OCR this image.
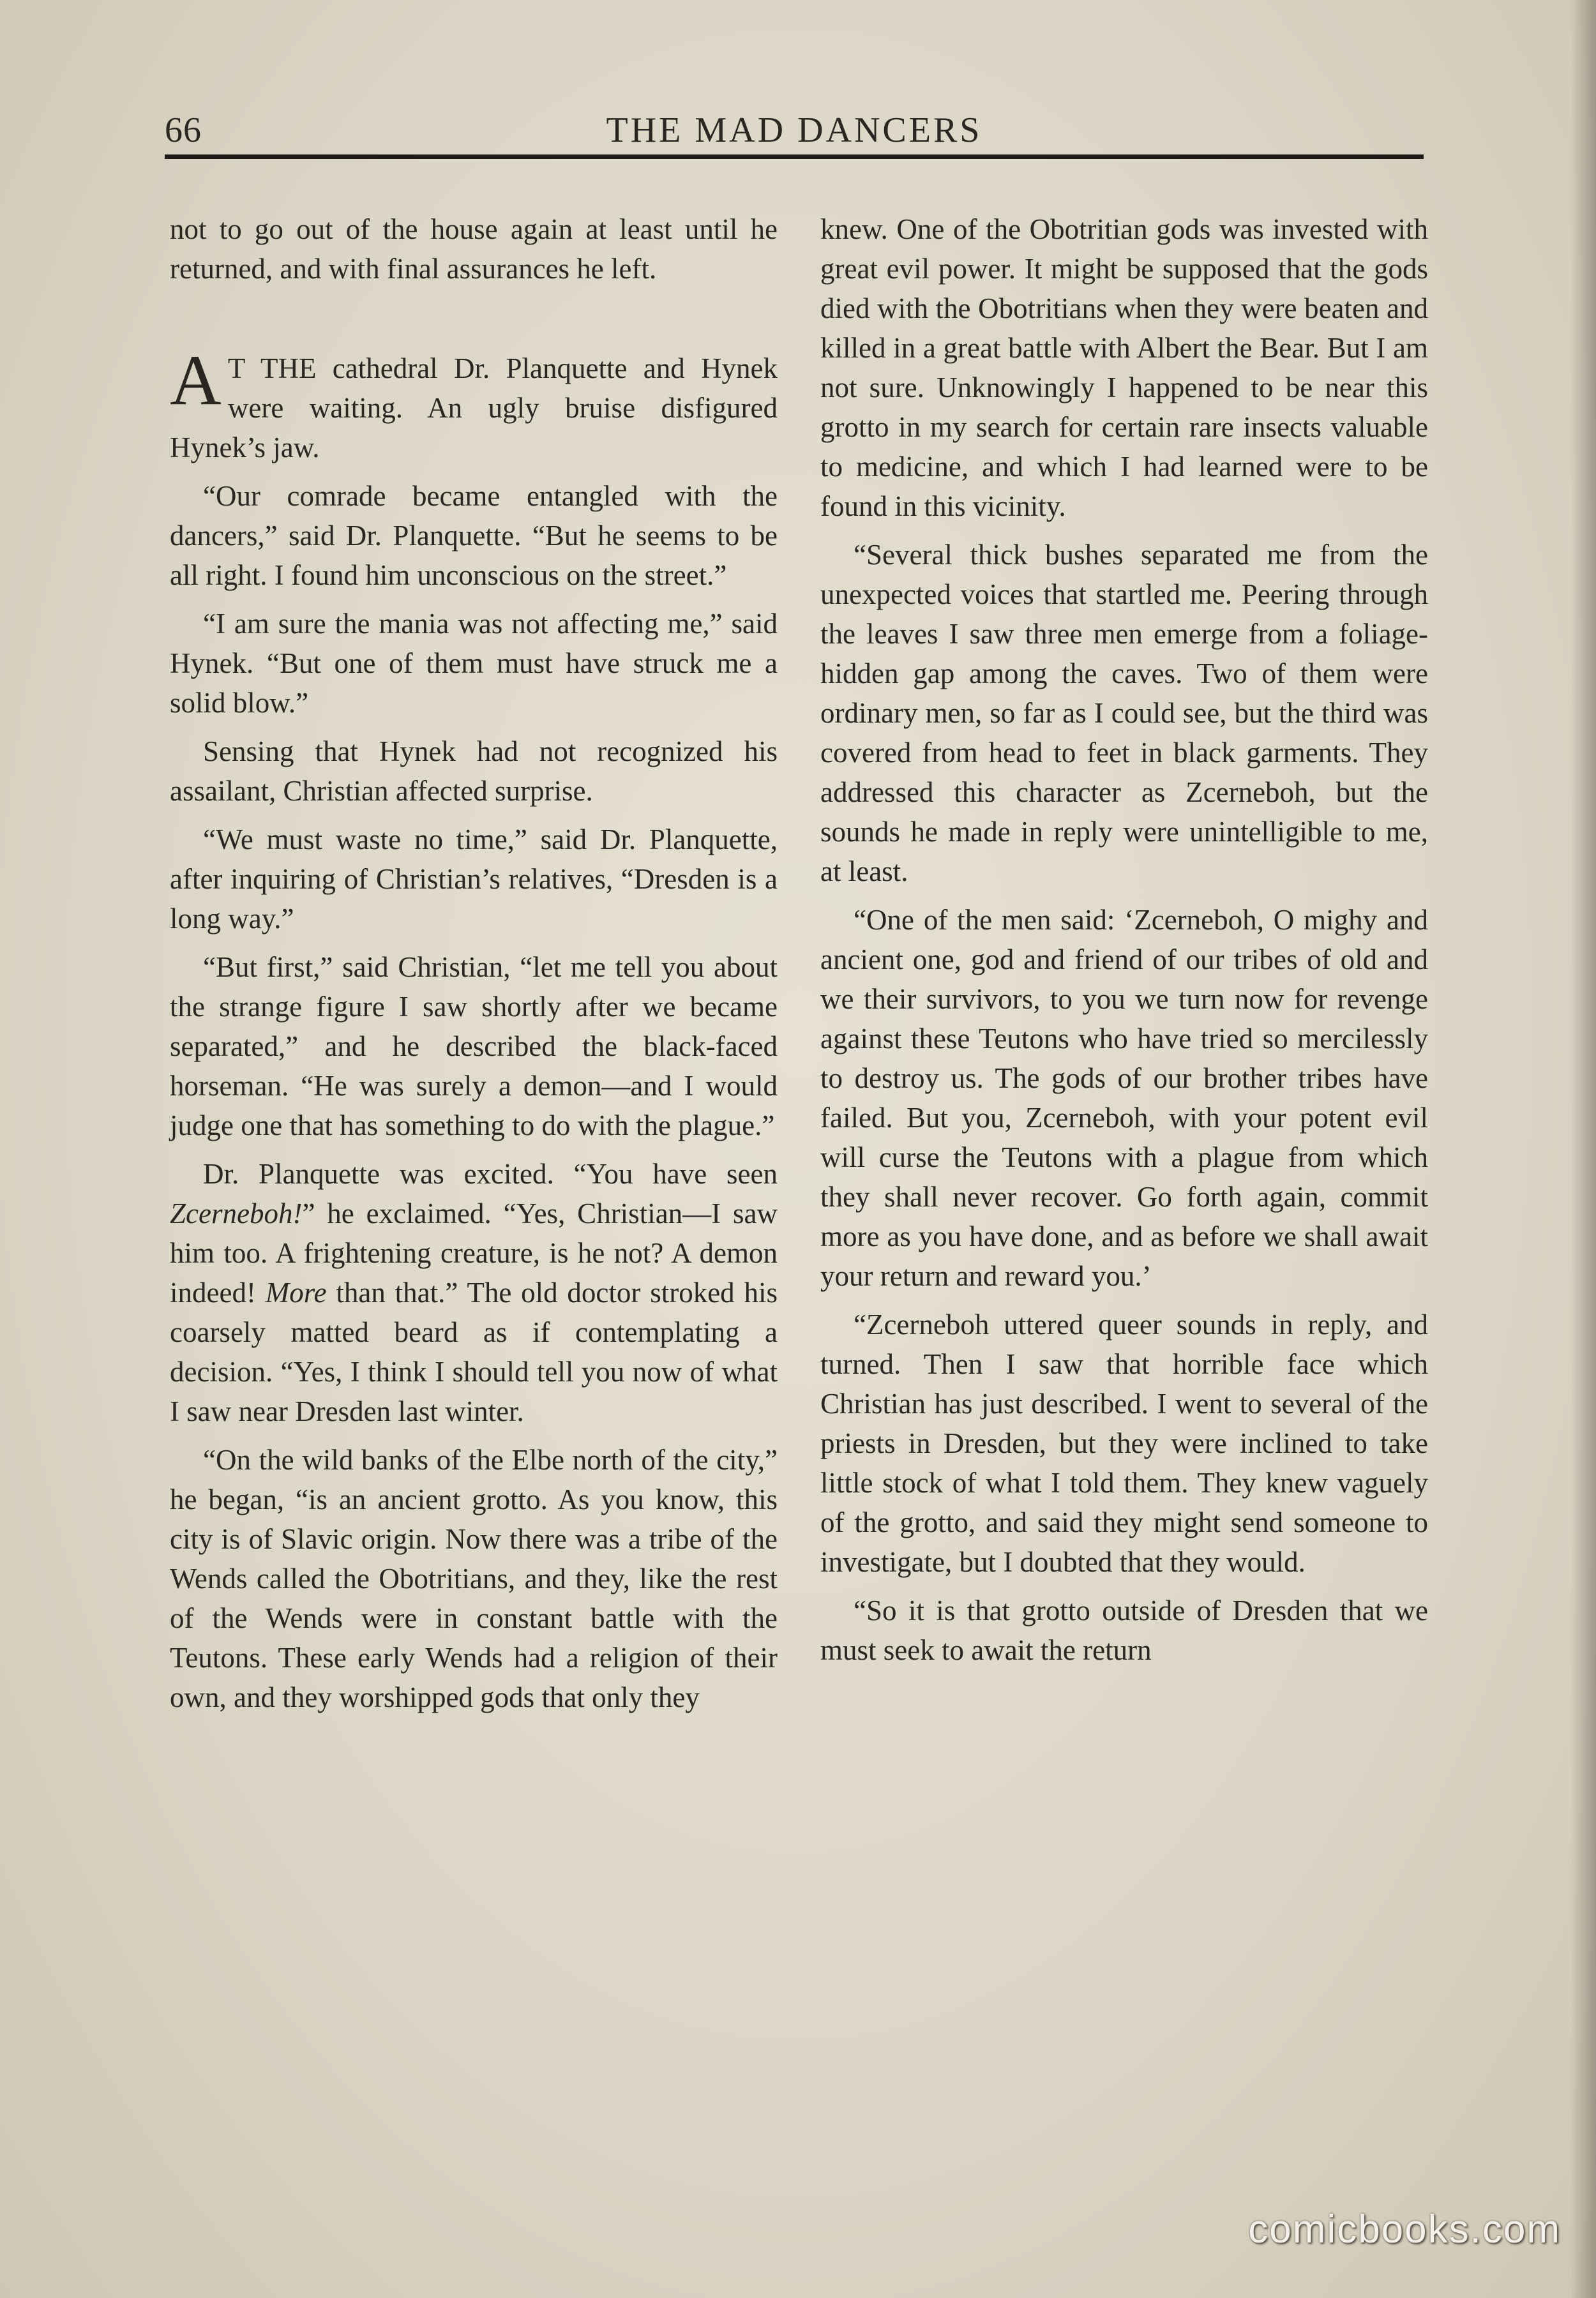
66	THE MAD DANCERS

not to go out of the house again at least until he returned, and with final assurances he left.

A T THE cathedral Dr. Planquette and Hynek were waiting. An ugly bruise disfigured Hynek’s jaw.

“Our comrade became entangled with the dancers,” said Dr. Planquette. “But he seems to be all right. I found him unconscious on the street.”

“I am sure the mania was not affecting me,” said Hynek. “But one of them must have struck me a solid blow.”

Sensing that Hynek had not recognized his assailant, Christian affected surprise.

“We must waste no time,” said Dr. Planquette, after inquiring of Christian’s relatives, “Dresden is a long way.”

“But first,” said Christian, “let me tell you about the strange figure I saw shortly after we became separated,” and he described the black-faced horseman. “He was surely a demon—and I would judge one that has something to do with the plague.”

Dr. Planquette was excited. “You have seen Zcerneboh!” he exclaimed. “Yes, Christian—I saw him too. A frightening creature, is he not? A demon indeed! More than that.” The old doctor stroked his coarsely matted beard as if contemplating a decision. “Yes, I think I should tell you now of what I saw near Dresden last winter.

“On the wild banks of the Elbe north of the city,” he began, “is an ancient grotto. As you know, this city is of Slavic origin. Now there was a tribe of the Wends called the Obotritians, and they, like the rest of the Wends were in constant battle with the Teutons. These early Wends had a religion of their own, and they worshipped gods that only they

knew. One of the Obotritian gods was invested with great evil power. It might be supposed that the gods died with the Obotritians when they were beaten and killed in a great battle with Albert the Bear. But I am not sure. Unknowingly I happened to be near this grotto in my search for certain rare insects valuable to medicine, and which I had learned were to be found in this vicinity.

“Several thick bushes separated me from the unexpected voices that startled me. Peering through the leaves I saw three men emerge from a foliage-hidden gap among the caves. Two of them were ordinary men, so far as I could see, but the third was covered from head to feet in black garments. They addressed this character as Zcerneboh, but the sounds he made in reply were unintelligible to me, at least.

“One of the men said: ‘Zcerneboh, O mighy and ancient one, god and friend of our tribes of old and we their survivors, to you we turn now for revenge against these Teutons who have tried so mercilessly to destroy us. The gods of our brother tribes have failed. But you, Zcerneboh, with your potent evil will curse the Teutons with a plague from which they shall never recover. Go forth again, commit more as you have done, and as before we shall await your return and reward you.’

“Zcerneboh uttered queer sounds in reply, and turned. Then I saw that horrible face which Christian has just described. I went to several of the priests in Dresden, but they were inclined to take little stock of what I told them. They knew vaguely of the grotto, and said they might send someone to investigate, but I doubted that they would.

“So it is that grotto outside of Dresden that we must seek to await the return

comicbooks.com
